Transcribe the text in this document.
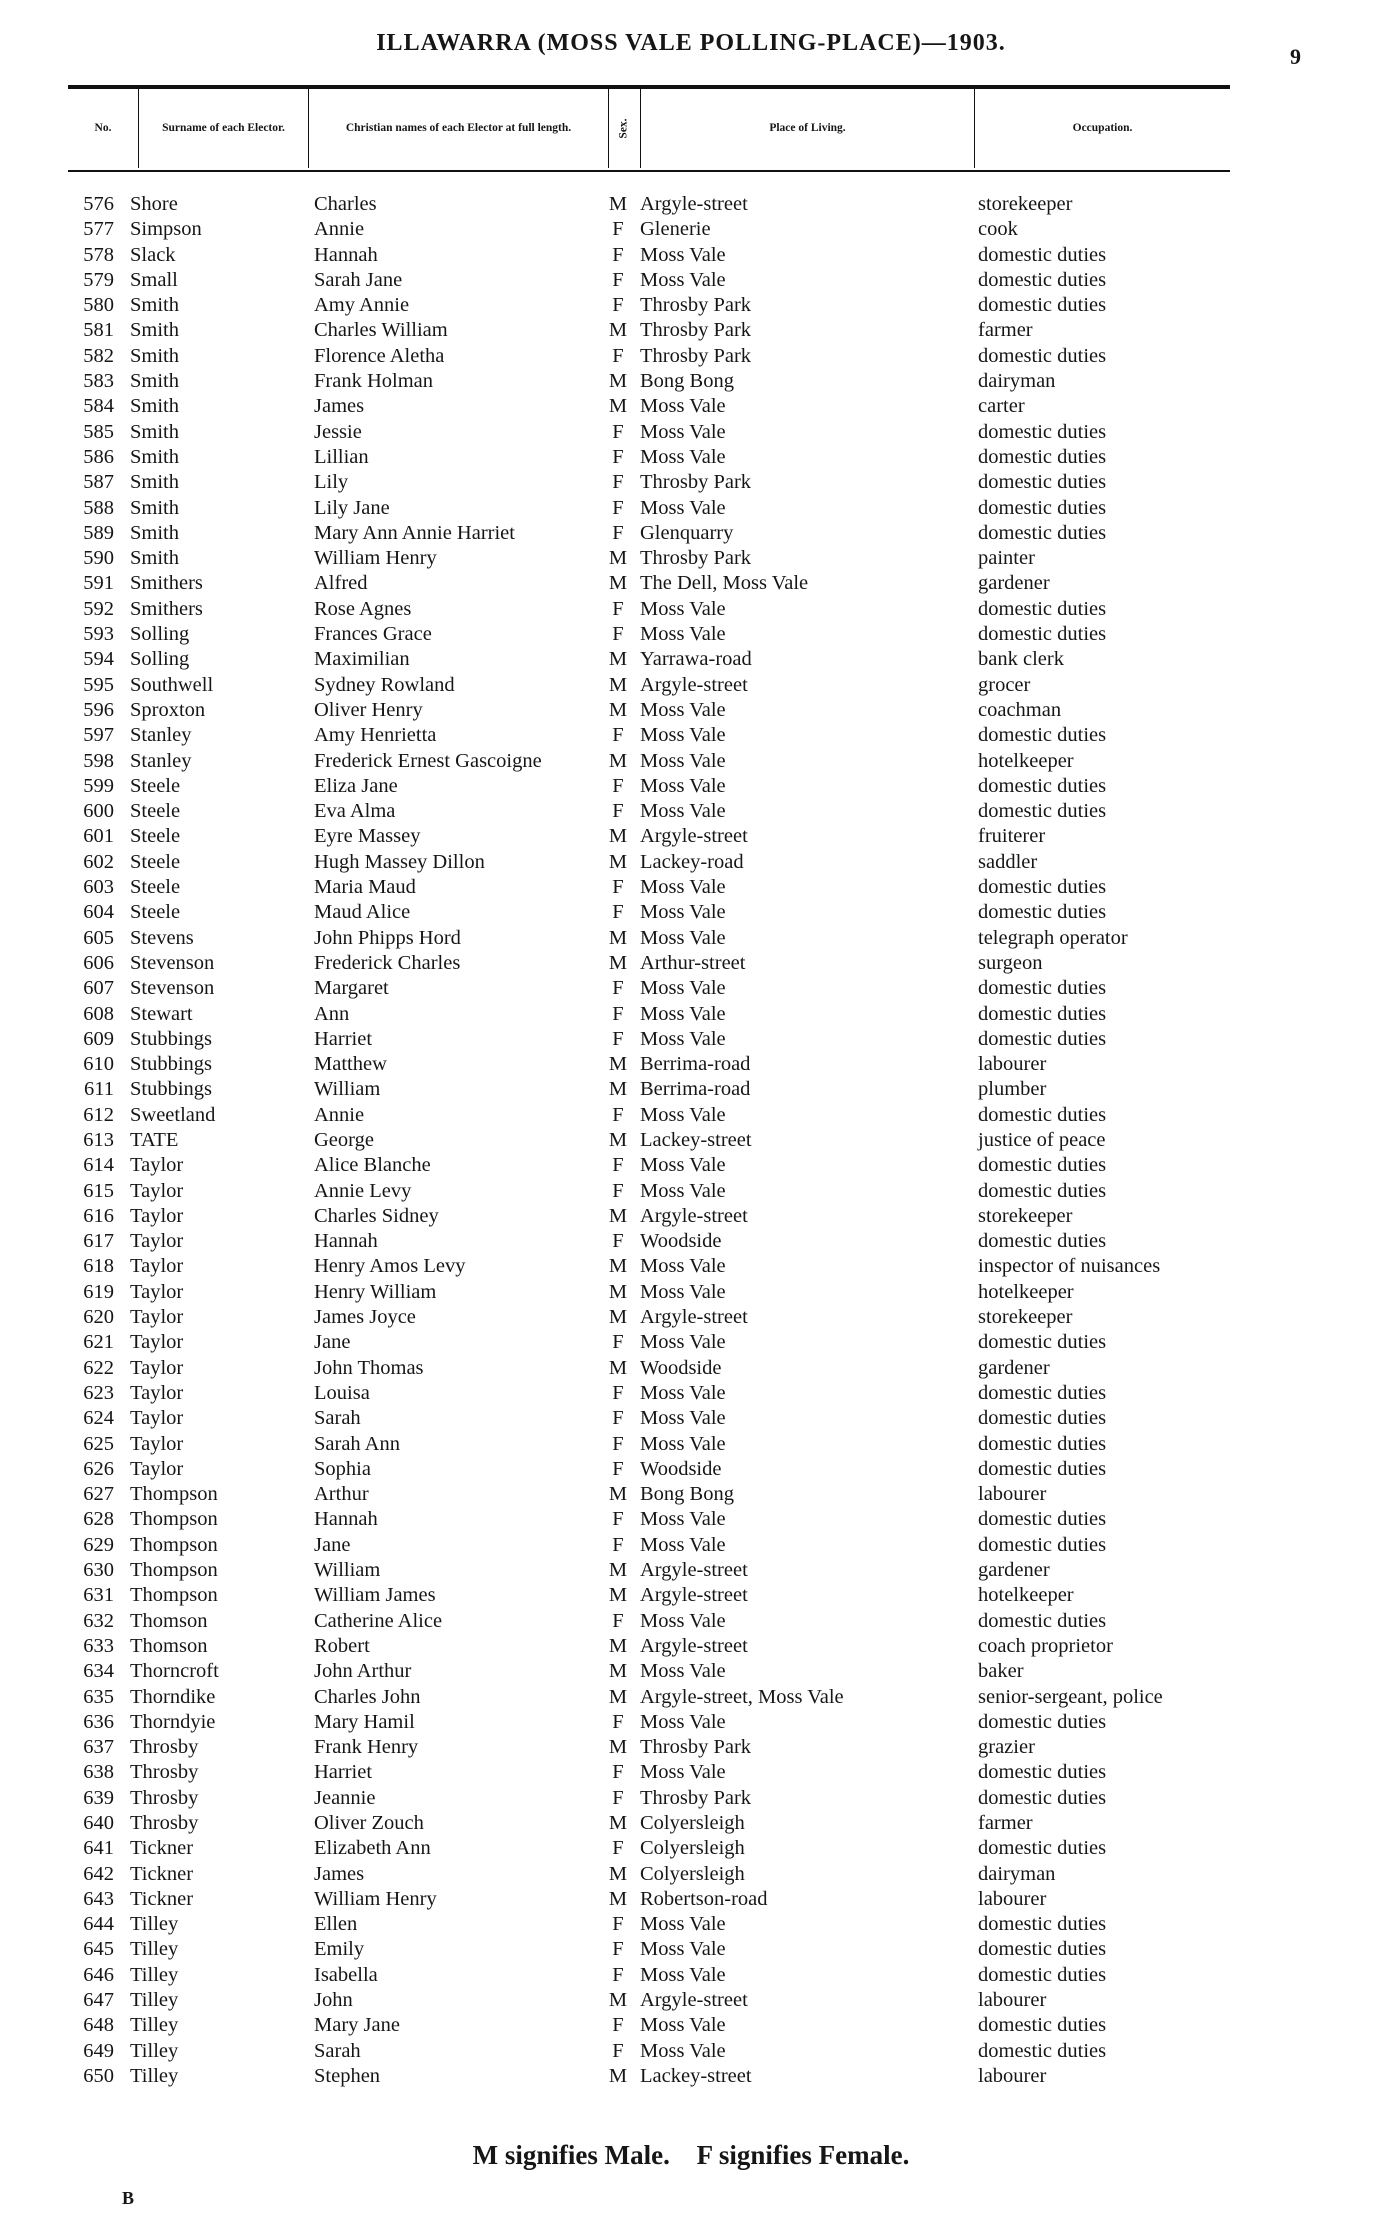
ILLAWARRA (MOSS VALE POLLING-PLACE)—1903.
9
No.	Surname of each Elector.	Christian names of each Elector at full length.	Sex.	Place of Living.	Occupation.
576 Shore	Charles	M Argyle-street	storekeeper
577 Simpson	Annie	F Glenerie	cook
578 Slack	Hannah	F Moss Vale	domestic duties
579 Small	Sarah Jane	F Moss Vale	domestic duties
580 Smith	Amy Annie	F Throsby Park	domestic duties
581 Smith	Charles William	M Throsby Park	farmer
582 Smith	Florence Aletha	F Throsby Park	domestic duties
583 Smith	Frank Holman	M Bong Bong	dairyman
584 Smith	James	M Moss Vale	carter
585 Smith	Jessie	F Moss Vale	domestic duties
586 Smith	Lillian	F Moss Vale	domestic duties
587 Smith	Lily	F Throsby Park	domestic duties
588 Smith	Lily Jane	F Moss Vale	domestic duties
589 Smith	Mary Ann Annie Harriet	F Glenquarry	domestic duties
590 Smith	William Henry	M Throsby Park	painter
591 Smithers	Alfred	M The Dell, Moss Vale	gardener
592 Smithers	Rose Agnes	F Moss Vale	domestic duties
593 Solling	Frances Grace	F Moss Vale	domestic duties
594 Solling	Maximilian	M Yarrawa-road	bank clerk
595 Southwell	Sydney Rowland	M Argyle-street	grocer
596 Sproxton	Oliver Henry	M Moss Vale	coachman
597 Stanley	Amy Henrietta	F Moss Vale	domestic duties
598 Stanley	Frederick Ernest Gascoigne	M Moss Vale	hotelkeeper
599 Steele	Eliza Jane	F Moss Vale	domestic duties
600 Steele	Eva Alma	F Moss Vale	domestic duties
601 Steele	Eyre Massey	M Argyle-street	fruiterer
602 Steele	Hugh Massey Dillon	M Lackey-road	saddler
603 Steele	Maria Maud	F Moss Vale	domestic duties
604 Steele	Maud Alice	F Moss Vale	domestic duties
605 Stevens	John Phipps Hord	M Moss Vale	telegraph operator
606 Stevenson	Frederick Charles	M Arthur-street	surgeon
607 Stevenson	Margaret	F Moss Vale	domestic duties
608 Stewart	Ann	F Moss Vale	domestic duties
609 Stubbings	Harriet	F Moss Vale	domestic duties
610 Stubbings	Matthew	M Berrima-road	labourer
611 Stubbings	William	M Berrima-road	plumber
612 Sweetland	Annie	F Moss Vale	domestic duties
613 TATE	George	M Lackey-street	justice of peace
614 Taylor	Alice Blanche	F Moss Vale	domestic duties
615 Taylor	Annie Levy	F Moss Vale	domestic duties
616 Taylor	Charles Sidney	M Argyle-street	storekeeper
617 Taylor	Hannah	F Woodside	domestic duties
618 Taylor	Henry Amos Levy	M Moss Vale	inspector of nuisances
619 Taylor	Henry William	M Moss Vale	hotelkeeper
620 Taylor	James Joyce	M Argyle-street	storekeeper
621 Taylor	Jane	F Moss Vale	domestic duties
622 Taylor	John Thomas	M Woodside	gardener
623 Taylor	Louisa	F Moss Vale	domestic duties
624 Taylor	Sarah	F Moss Vale	domestic duties
625 Taylor	Sarah Ann	F Moss Vale	domestic duties
626 Taylor	Sophia	F Woodside	domestic duties
627 Thompson	Arthur	M Bong Bong	labourer
628 Thompson	Hannah	F Moss Vale	domestic duties
629 Thompson	Jane	F Moss Vale	domestic duties
630 Thompson	William	M Argyle-street	gardener
631 Thompson	William James	M Argyle-street	hotelkeeper
632 Thomson	Catherine Alice	F Moss Vale	domestic duties
633 Thomson	Robert	M Argyle-street	coach proprietor
634 Thorncroft	John Arthur	M Moss Vale	baker
635 Thorndike	Charles John	M Argyle-street, Moss Vale	senior-sergeant, police
636 Thorndyie	Mary Hamil	F Moss Vale	domestic duties
637 Throsby	Frank Henry	M Throsby Park	grazier
638 Throsby	Harriet	F Moss Vale	domestic duties
639 Throsby	Jeannie	F Throsby Park	domestic duties
640 Throsby	Oliver Zouch	M Colyersleigh	farmer
641 Tickner	Elizabeth Ann	F Colyersleigh	domestic duties
642 Tickner	James	M Colyersleigh	dairyman
643 Tickner	William Henry	M Robertson-road	labourer
644 Tilley	Ellen	F Moss Vale	domestic duties
645 Tilley	Emily	F Moss Vale	domestic duties
646 Tilley	Isabella	F Moss Vale	domestic duties
647 Tilley	John	M Argyle-street	labourer
648 Tilley	Mary Jane	F Moss Vale	domestic duties
649 Tilley	Sarah	F Moss Vale	domestic duties
650 Tilley	Stephen	M Lackey-street	labourer
M signifies Male. F signifies Female.
B
